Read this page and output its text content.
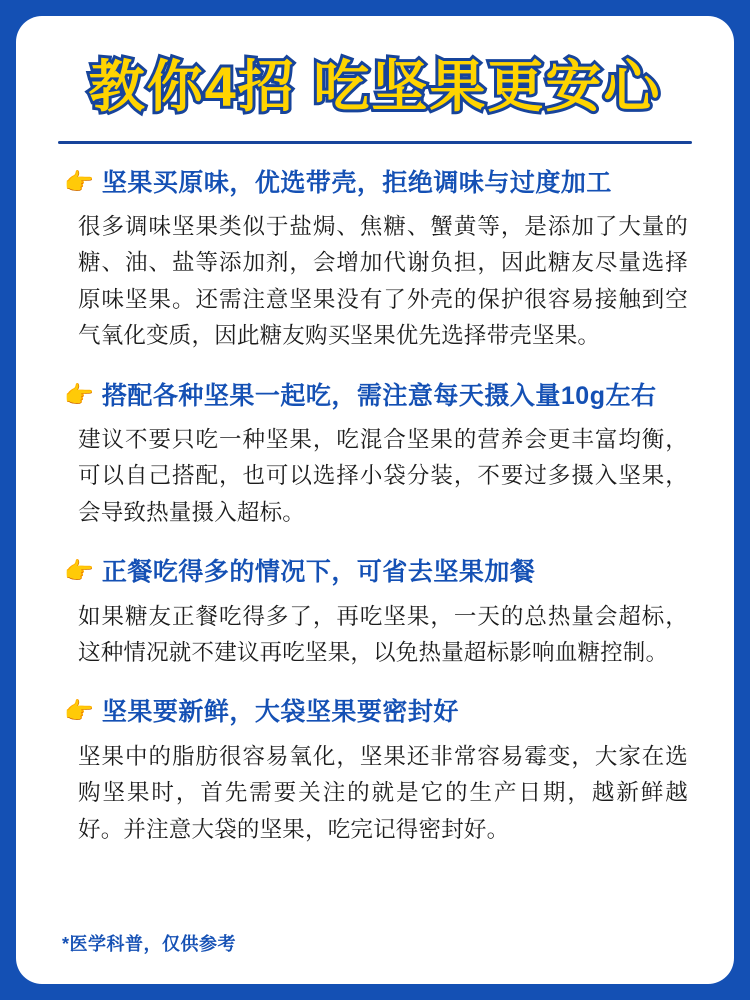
教你4招 吃坚果更安心
👉 坚果买原味，优选带壳，拒绝调味与过度加工
很多调味坚果类似于盐焗、焦糖、蟹黄等，是添加了大量的糖、油、盐等添加剂，会增加代谢负担，因此糖友尽量选择原味坚果。还需注意坚果没有了外壳的保护很容易接触到空气氧化变质，因此糖友购买坚果优先选择带壳坚果。
👉 搭配各种坚果一起吃，需注意每天摄入量10g左右
建议不要只吃一种坚果，吃混合坚果的营养会更丰富均衡，可以自己搭配，也可以选择小袋分装，不要过多摄入坚果，会导致热量摄入超标。
👉 正餐吃得多的情况下，可省去坚果加餐
如果糖友正餐吃得多了，再吃坚果，一天的总热量会超标，这种情况就不建议再吃坚果，以免热量超标影响血糖控制。
👉 坚果要新鲜，大袋坚果要密封好
坚果中的脂肪很容易氧化，坚果还非常容易霉变，大家在选购坚果时，首先需要关注的就是它的生产日期，越新鲜越好。并注意大袋的坚果，吃完记得密封好。
*医学科普，仅供参考
